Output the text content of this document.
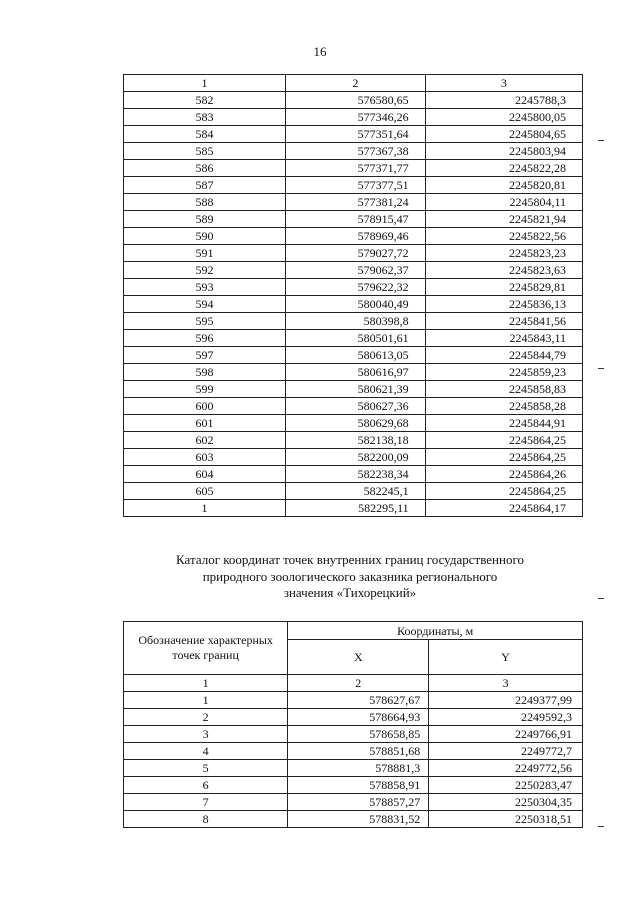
16
1	2	3
582	576580,65	2245788,3
583	577346,26	2245800,05
584	577351,64	2245804,65
585	577367,38	2245803,94
586	577371,77	2245822,28
587	577377,51	2245820,81
588	577381,24	2245804,11
589	578915,47	2245821,94
590	578969,46	2245822,56
591	579027,72	2245823,23
592	579062,37	2245823,63
593	579622,32	2245829,81
594	580040,49	2245836,13
595	580398,8	2245841,56
596	580501,61	2245843,11
597	580613,05	2245844,79
598	580616,97	2245859,23
599	580621,39	2245858,83
600	580627,36	2245858,28
601	580629,68	2245844,91
602	582138,18	2245864,25
603	582200,09	2245864,25
604	582238,34	2245864,26
605	582245,1	2245864,25
1	582295,11	2245864,17
Каталог координат точек внутренних границ государственного
природного зоологического заказника регионального
значения «Тихорецкий»
Обозначение характерных точек границ	Координаты, м	
	X	Y
1	2	3
1	578627,67	2249377,99
2	578664,93	2249592,3
3	578658,85	2249766,91
4	578851,68	2249772,7
5	578881,3	2249772,56
6	578858,91	2250283,47
7	578857,27	2250304,35
8	578831,52	2250318,51
